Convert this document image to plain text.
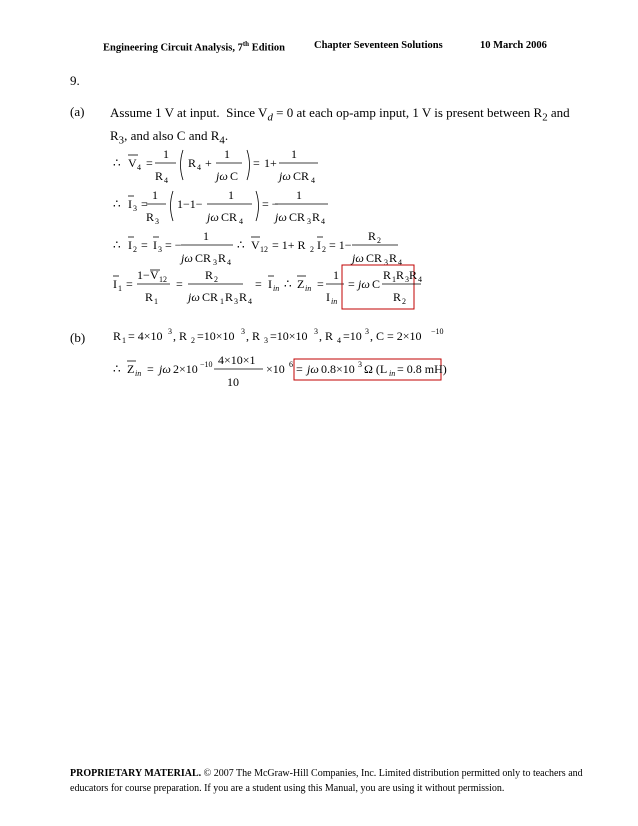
Engineering Circuit Analysis, 7th Edition	Chapter Seventeen Solutions	10 March 2006
9.
(a) Assume 1 V at input.  Since $V_d = 0$ at each op-amp input, 1 V is present between $R_2$ and
$R_3$, and also C and $R_4$.
∴ V 4 =
1
R 4
R 4 +
1
jω C
= 1+
1
jω CR 4
∴ I 3 =
1
R 3
1−1−
1
jω CR 4
= −
1
jω CR 3 R 4
∴ I 2 = I 3 = −
1
jω CR 3 R 4
∴ V 12 = 1+ R 2 I 2 = 1−
R 2
jω CR 3 R 4
I 1 =
1− V 12
R 1
=
R 2
jω CR 1 R 3 R 4
= I in ∴ Z in =
1
I in
= jω C
R 1 R 3 R 4
R 2
R 1 = 4×10 3 , R 2 =10×10 3 , R 3 =10×10 3 , R 4 =10 3 , C = 2×10 −10
∴ Z in = jω 2×10 −10 4×10×1
10
×10 6 = jω 0.8×10 3 Ω (L in = 0.8 mH)
(b)
PROPRIETARY MATERIAL. © 2007 The McGraw-Hill Companies, Inc. Limited distribution permitted only to teachers and educators for course preparation. If you are a student using this Manual, you are using it without permission.
